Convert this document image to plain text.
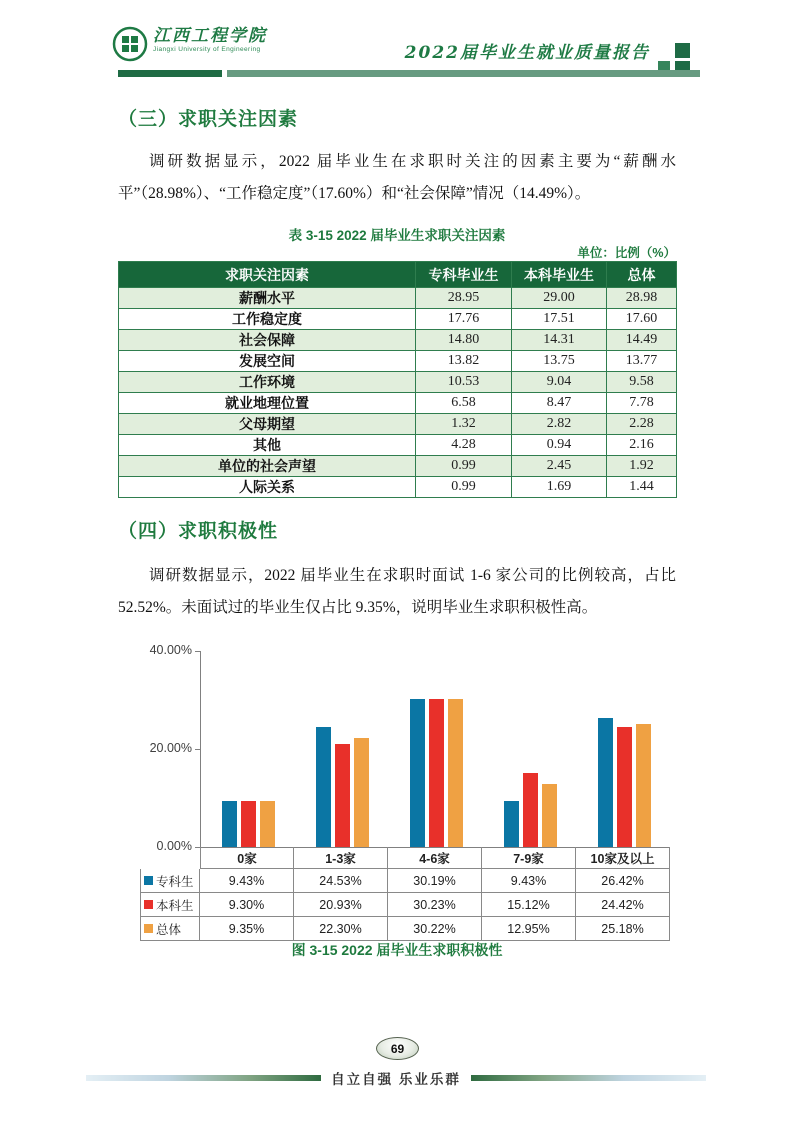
江西工程学院
Jiangxi University of Engineering	2022届毕业生就业质量报告
（三）求职关注因素
调研数据显示，2022 届毕业生在求职时关注的因素主要为“薪酬水平”（28.98%）、“工作稳定度”（17.60%）和“社会保障”情况（14.49%）。
表 3-15 2022 届毕业生求职关注因素
单位：比例（%）
求职关注因素	专科毕业生	本科毕业生	总体
薪酬水平	28.95	29.00	28.98
工作稳定度	17.76	17.51	17.60
社会保障	14.80	14.31	14.49
发展空间	13.82	13.75	13.77
工作环境	10.53	9.04	9.58
就业地理位置	6.58	8.47	7.78
父母期望	1.32	2.82	2.28
其他	4.28	0.94	2.16
单位的社会声望	0.99	2.45	1.92
人际关系	0.99	1.69	1.44
（四）求职积极性
调研数据显示，2022 届毕业生在求职时面试 1-6 家公司的比例较高，占比 52.52%。未面试过的毕业生仅占比 9.35%，说明毕业生求职积极性高。
0.00%
20.00%
40.00%
0家	1-3家	4-6家	7-9家	10家及以上
专科生	9.43%	24.53%	30.19%	9.43%	26.42%
本科生	9.30%	20.93%	30.23%	15.12%	24.42%
总体	9.35%	22.30%	30.22%	12.95%	25.18%
图 3-15 2022 届毕业生求职积极性
69
自立自强 乐业乐群
